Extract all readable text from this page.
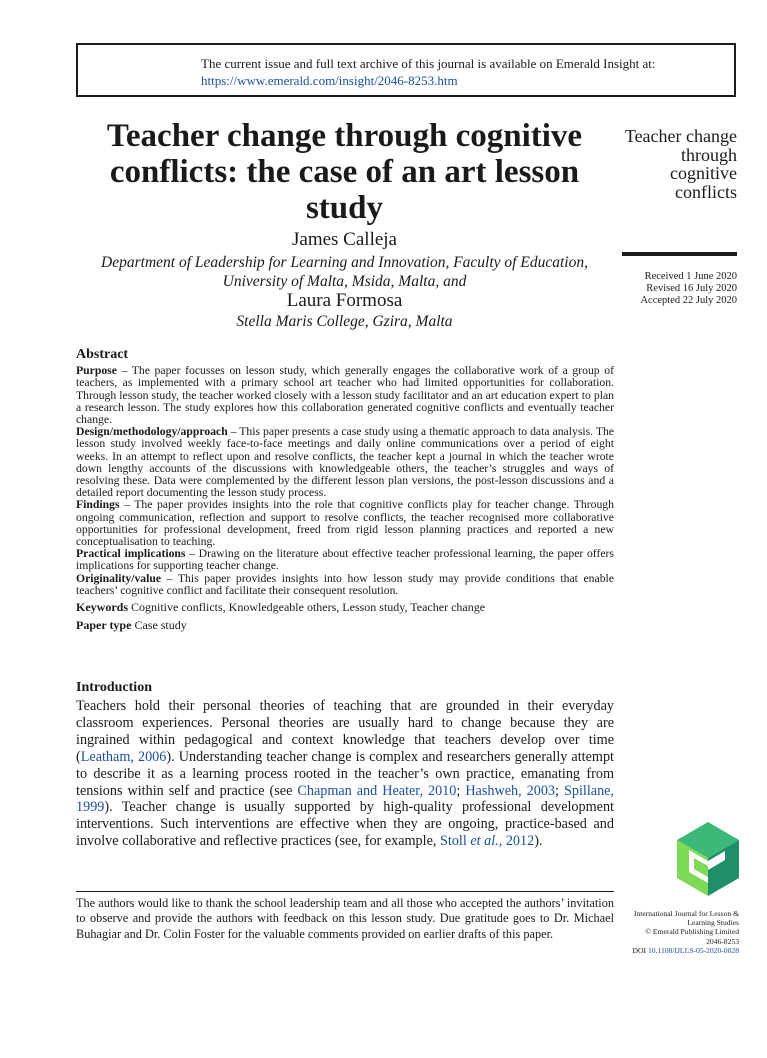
The current issue and full text archive of this journal is available on Emerald Insight at:
https://www.emerald.com/insight/2046-8253.htm
Teacher change through cognitive conflicts: the case of an art lesson study
James Calleja
Department of Leadership for Learning and Innovation, Faculty of Education, University of Malta, Msida, Malta, and
Laura Formosa
Stella Maris College, Gzira, Malta
Teacher change through cognitive conflicts
Received 1 June 2020
Revised 16 July 2020
Accepted 22 July 2020
Abstract

Purpose – The paper focusses on lesson study, which generally engages the collaborative work of a group of teachers, as implemented with a primary school art teacher who had limited opportunities for collaboration. Through lesson study, the teacher worked closely with a lesson study facilitator and an art education expert to plan a research lesson. The study explores how this collaboration generated cognitive conflicts and eventually teacher change.

Design/methodology/approach – This paper presents a case study using a thematic approach to data analysis. The lesson study involved weekly face-to-face meetings and daily online communications over a period of eight weeks. In an attempt to reflect upon and resolve conflicts, the teacher kept a journal in which the teacher wrote down lengthy accounts of the discussions with knowledgeable others, the teacher’s struggles and ways of resolving these. Data were complemented by the different lesson plan versions, the post-lesson discussions and a detailed report documenting the lesson study process.

Findings – The paper provides insights into the role that cognitive conflicts play for teacher change. Through ongoing communication, reflection and support to resolve conflicts, the teacher recognised more collaborative opportunities for professional development, freed from rigid lesson planning practices and reported a new conceptualisation to teaching.

Practical implications – Drawing on the literature about effective teacher professional learning, the paper offers implications for supporting teacher change.

Originality/value – This paper provides insights into how lesson study may provide conditions that enable teachers’ cognitive conflict and facilitate their consequent resolution.

Keywords Cognitive conflicts, Knowledgeable others, Lesson study, Teacher change

Paper type Case study

Introduction

Teachers hold their personal theories of teaching that are grounded in their everyday classroom experiences. Personal theories are usually hard to change because they are ingrained within pedagogical and context knowledge that teachers develop over time (Leatham, 2006). Understanding teacher change is complex and researchers generally attempt to describe it as a learning process rooted in the teacher’s own practice, emanating from tensions within self and practice (see Chapman and Heater, 2010; Hashweh, 2003; Spillane, 1999). Teacher change is usually supported by high-quality professional development interventions. Such interventions are effective when they are ongoing, practice-based and involve collaborative and reflective practices (see, for example, Stoll et al., 2012).

The authors would like to thank the school leadership team and all those who accepted the authors’ invitation to observe and provide the authors with feedback on this lesson study. Due gratitude goes to Dr. Michael Buhagiar and Dr. Colin Foster for the valuable comments provided on earlier drafts of this paper.
International Journal for Lesson & Learning Studies
© Emerald Publishing Limited
2046-8253
DOI 10.1108/IJLLS-05-2020-0028
